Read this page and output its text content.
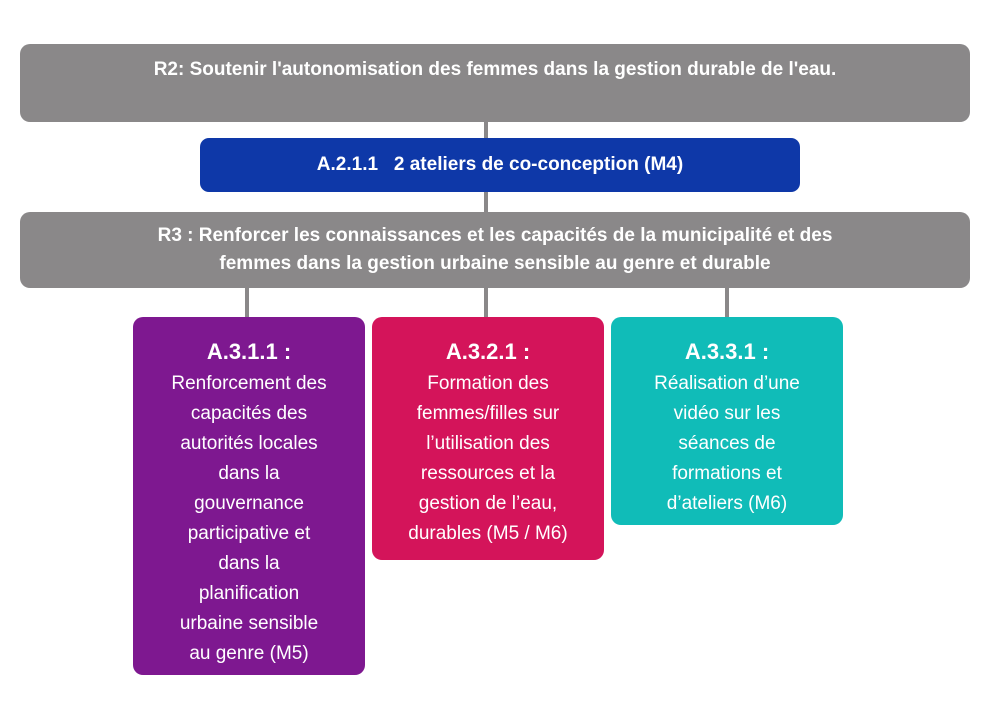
R2: Soutenir l'autonomisation des femmes dans la gestion durable de l'eau.
A.2.1.1   2 ateliers de co-conception (M4)
R3 : Renforcer les connaissances et les capacités de la municipalité et des
femmes dans la gestion urbaine sensible au genre et durable
A.3.1.1 :
Renforcement des
capacités des
autorités locales
dans la
gouvernance
participative et
dans la
planification
urbaine sensible
au genre (M5)
A.3.2.1 :
Formation des
femmes/filles sur
l’utilisation des
ressources et la
gestion de l’eau,
durables (M5 / M6)
A.3.3.1 :
Réalisation d’une
vidéo sur les
séances de
formations et
d’ateliers (M6)
